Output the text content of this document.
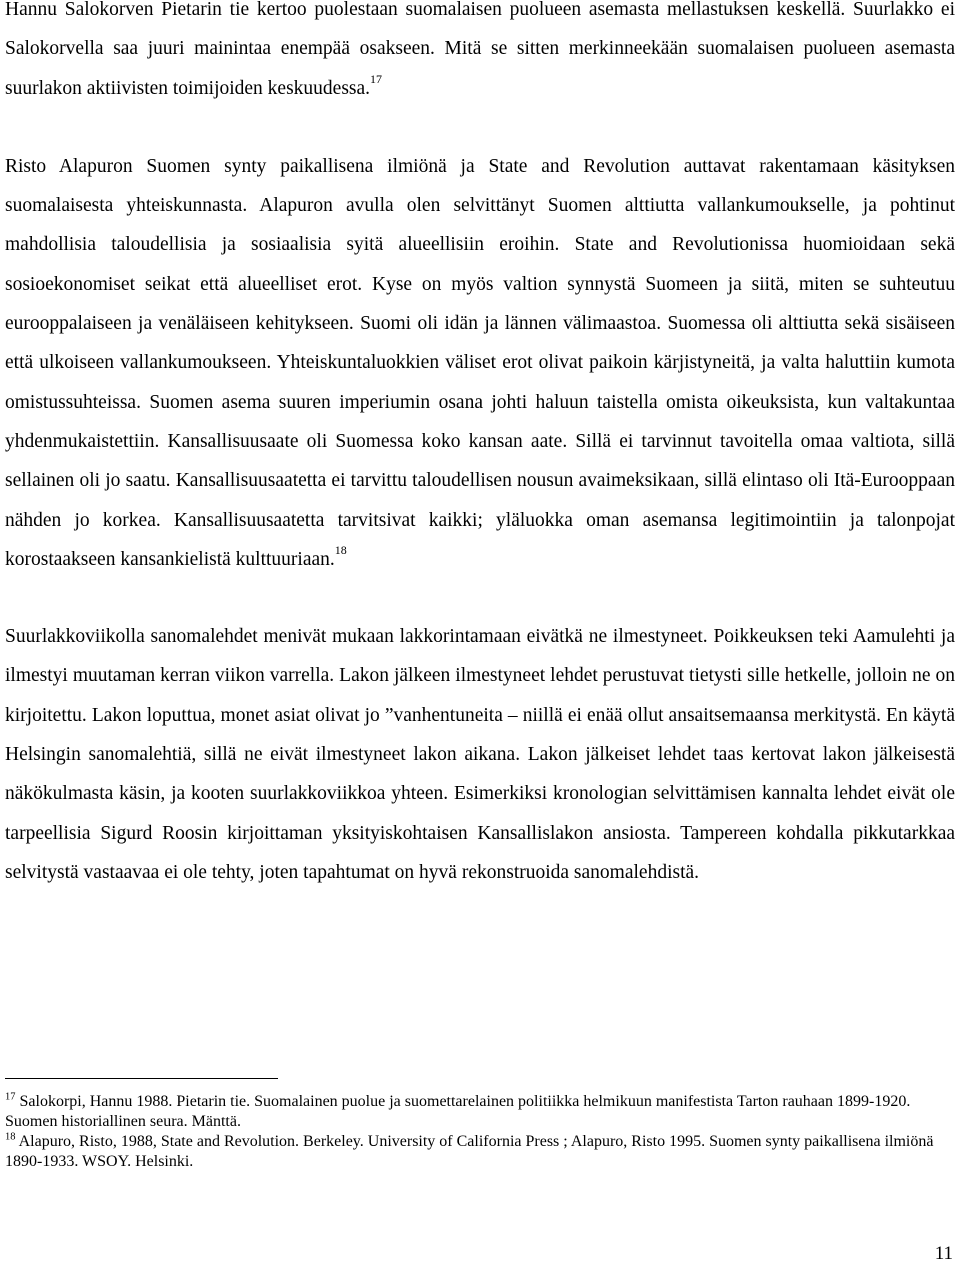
Hannu Salokorven Pietarin tie kertoo puolestaan suomalaisen puolueen asemasta mellastuksen keskellä. Suurlakko ei Salokorvella saa juuri mainintaa enempää osakseen. Mitä se sitten merkinneekään suomalaisen puolueen asemasta suurlakon aktiivisten toimijoiden keskuudessa.$^{17}$

Risto Alapuron Suomen synty paikallisena ilmiönä ja State and Revolution auttavat rakentamaan käsityksen suomalaisesta yhteiskunnasta. Alapuron avulla olen selvittänyt Suomen alttiutta vallankumoukselle, ja pohtinut mahdollisia taloudellisia ja sosiaalisia syitä alueellisiin eroihin. State and Revolutionissa huomioidaan sekä sosioekonomiset seikat että alueelliset erot. Kyse on myös valtion synnystä Suomeen ja siitä, miten se suhteutuu eurooppalaiseen ja venäläiseen kehitykseen. Suomi oli idän ja lännen välimaastoa. Suomessa oli alttiutta sekä sisäiseen että ulkoiseen vallankumoukseen. Yhteiskuntaluokkien väliset erot olivat paikoin kärjistyneitä, ja valta haluttiin kumota omistussuhteissa. Suomen asema suuren imperiumin osana johti haluun taistella omista oikeuksista, kun valtakuntaa yhdenmukaistettiin. Kansallisuusaate oli Suomessa koko kansan aate. Sillä ei tarvinnut tavoitella omaa valtiota, sillä sellainen oli jo saatu. Kansallisuusaatetta ei tarvittu taloudellisen nousun avaimeksikaan, sillä elintaso oli Itä-Eurooppaan nähden jo korkea. Kansallisuusaatetta tarvitsivat kaikki; yläluokka oman asemansa legitimointiin ja talonpojat korostaakseen kansankielistä kulttuuriaan.$^{18}$

Suurlakkoviikolla sanomalehdet menivät mukaan lakkorintamaan eivätkä ne ilmestyneet. Poikkeuksen teki Aamulehti ja ilmestyi muutaman kerran viikon varrella. Lakon jälkeen ilmestyneet lehdet perustuvat tietysti sille hetkelle, jolloin ne on kirjoitettu. Lakon loputtua, monet asiat olivat jo ”vanhentuneita – niillä ei enää ollut ansaitsemaansa merkitystä. En käytä Helsingin sanomalehtiä, sillä ne eivät ilmestyneet lakon aikana. Lakon jälkeiset lehdet taas kertovat lakon jälkeisestä näkökulmasta käsin, ja kooten suurlakkoviikkoa yhteen. Esimerkiksi kronologian selvittämisen kannalta lehdet eivät ole tarpeellisia Sigurd Roosin kirjoittaman yksityiskohtaisen Kansallislakon ansiosta. Tampereen kohdalla pikkutarkkaa selvitystä vastaavaa ei ole tehty, joten tapahtumat on hyvä rekonstruoida sanomalehdistä.

$^{17}$ Salokorpi, Hannu 1988. Pietarin tie. Suomalainen puolue ja suomettarelainen politiikka helmikuun manifestista Tarton rauhaan 1899-1920. Suomen historiallinen seura. Mänttä.

$^{18}$ Alapuro, Risto, 1988, State and Revolution. Berkeley. University of California Press ; Alapuro, Risto 1995. Suomen synty paikallisena ilmiönä 1890-1933. WSOY. Helsinki.

11
